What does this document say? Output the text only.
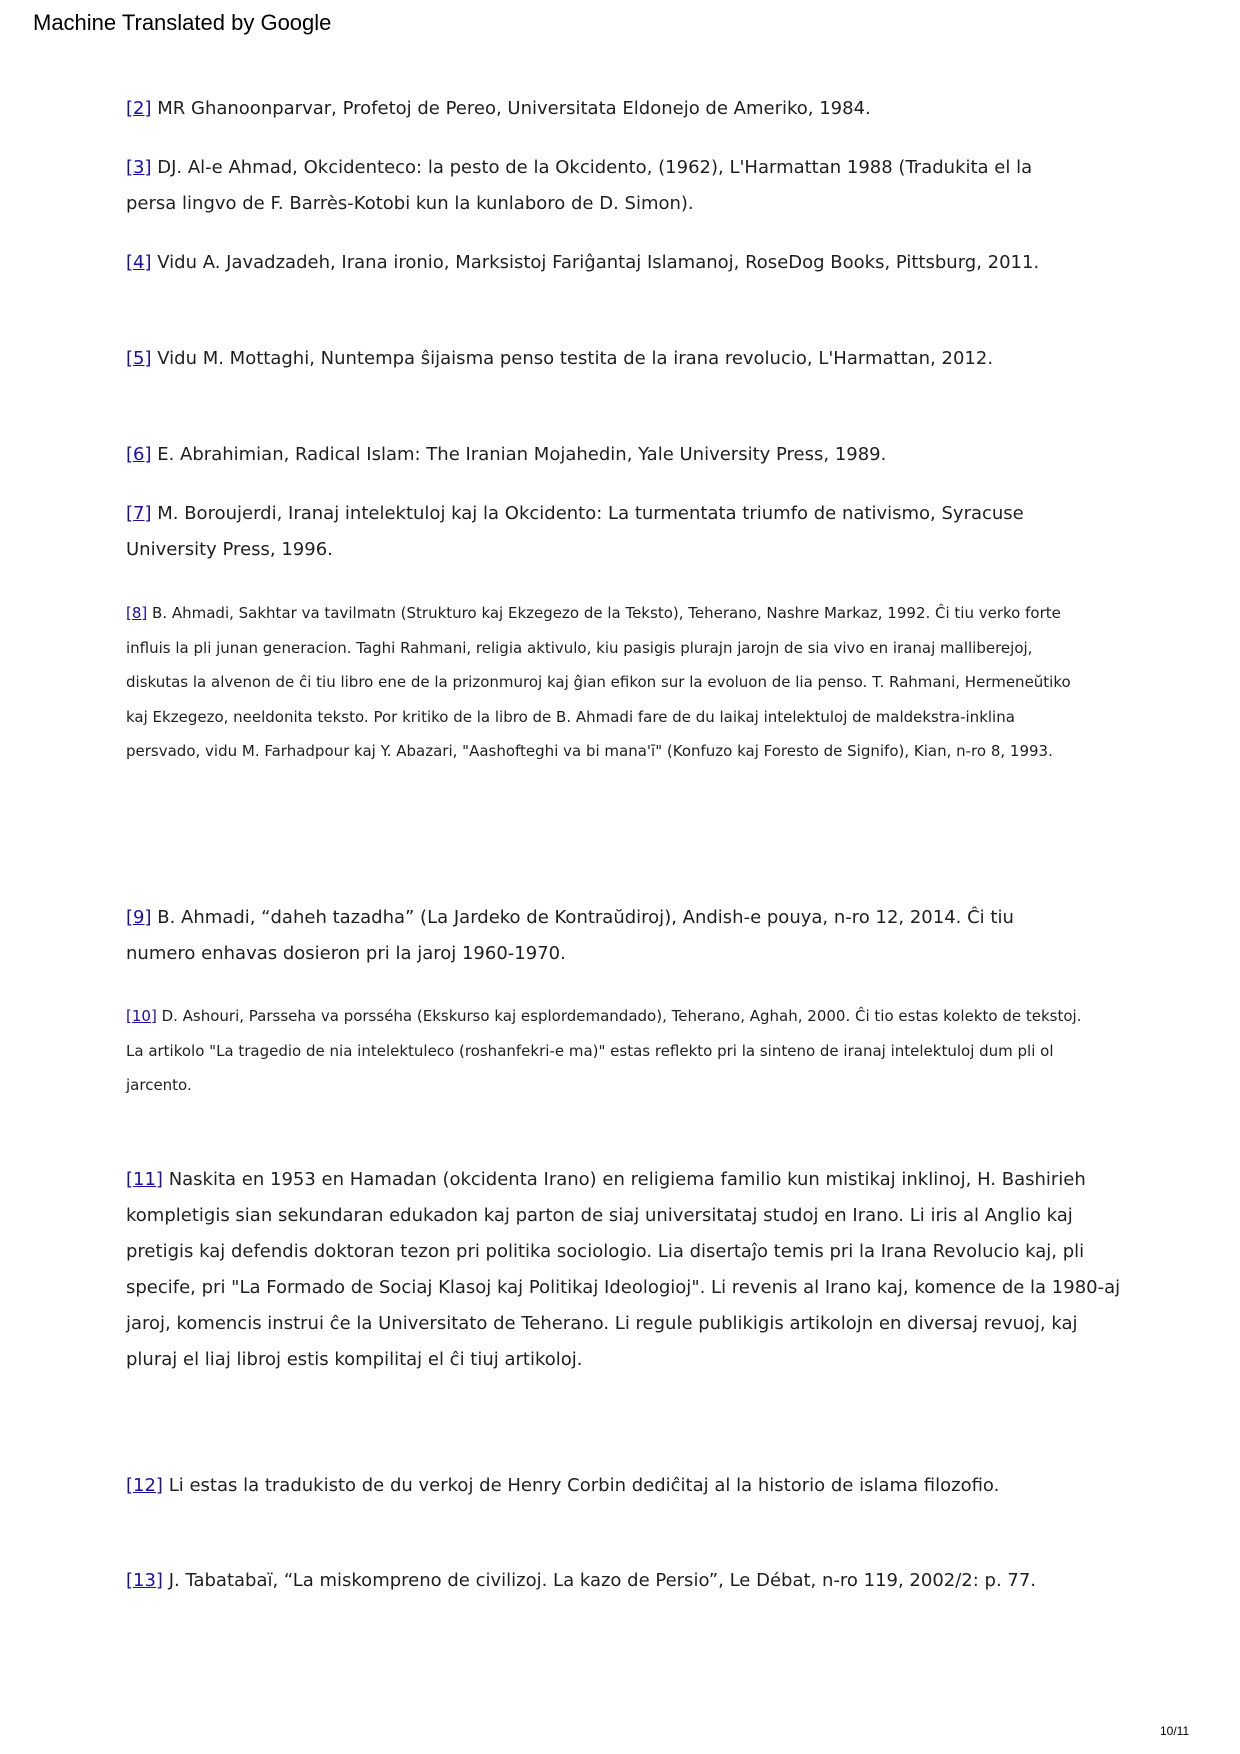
Machine Translated by Google

[2] MR Ghanoonparvar, Profetoj de Pereo, Universitata Eldonejo de Ameriko, 1984.

[3] DJ. Al-e Ahmad, Okcidenteco: la pesto de la Okcidento, (1962), L'Harmattan 1988 (Tradukita el la persa lingvo de F. Barrès-Kotobi kun la kunlaboro de D. Simon).

[4] Vidu A. Javadzadeh, Irana ironio, Marksistoj Fariĝantaj Islamanoj, RoseDog Books, Pittsburg, 2011.

[5] Vidu M. Mottaghi, Nuntempa ŝijaisma penso testita de la irana revolucio, L'Harmattan, 2012.

[6] E. Abrahimian, Radical Islam: The Iranian Mojahedin, Yale University Press, 1989.

[7] M. Boroujerdi, Iranaj intelektuloj kaj la Okcidento: La turmentata triumfo de nativismo, Syracuse University Press, 1996.

[8] B. Ahmadi, Sakhtar va tavilmatn (Strukturo kaj Ekzegezo de la Teksto), Teherano, Nashre Markaz, 1992. Ĉi tiu verko forte influis la pli junan generacion. Taghi Rahmani, religia aktivulo, kiu pasigis plurajn jarojn de sia vivo en iranaj malliberejoj, diskutas la alvenon de ĉi tiu libro ene de la prizonmuroj kaj ĝian efikon sur la evoluon de lia penso. T. Rahmani, Hermeneŭtiko kaj Ekzegezo, neeldonita teksto. Por kritiko de la libro de B. Ahmadi fare de du laikaj intelektuloj de maldekstra-inklina persvado, vidu M. Farhadpour kaj Y. Abazari, "Aashofteghi va bi mana'ī" (Konfuzo kaj Foresto de Signifo), Kian, n-ro 8, 1993.

[9] B. Ahmadi, “daheh tazadha” (La Jardeko de Kontraŭdiroj), Andish-e pouya, n-ro 12, 2014. Ĉi tiu numero enhavas dosieron pri la jaroj 1960-1970.

[10] D. Ashouri, Parsseha va porsséha (Ekskurso kaj esplordemandado), Teherano, Aghah, 2000. Ĉi tio estas kolekto de tekstoj. La artikolo "La tragedio de nia intelektuleco (roshanfekri-e ma)" estas reflekto pri la sinteno de iranaj intelektuloj dum pli ol jarcento.

[11] Naskita en 1953 en Hamadan (okcidenta Irano) en religiema familio kun mistikaj inklinoj, H. Bashirieh kompletigis sian sekundaran edukadon kaj parton de siaj universitataj studoj en Irano. Li iris al Anglio kaj pretigis kaj defendis doktoran tezon pri politika sociologio. Lia disertaĵo temis pri la Irana Revolucio kaj, pli specife, pri "La Formado de Sociaj Klasoj kaj Politikaj Ideologioj". Li revenis al Irano kaj, komence de la 1980-aj jaroj, komencis instrui ĉe la Universitato de Teherano. Li regule publikigis artikolojn en diversaj revuoj, kaj pluraj el liaj libroj estis kompilitaj el ĉi tiuj artikoloj.

[12] Li estas la tradukisto de du verkoj de Henry Corbin dediĉitaj al la historio de islama filozofio.

[13] J. Tabatabaï, “La miskompreno de civilizoj. La kazo de Persio”, Le Débat, n-ro 119, 2002/2: p. 77.

10/11
